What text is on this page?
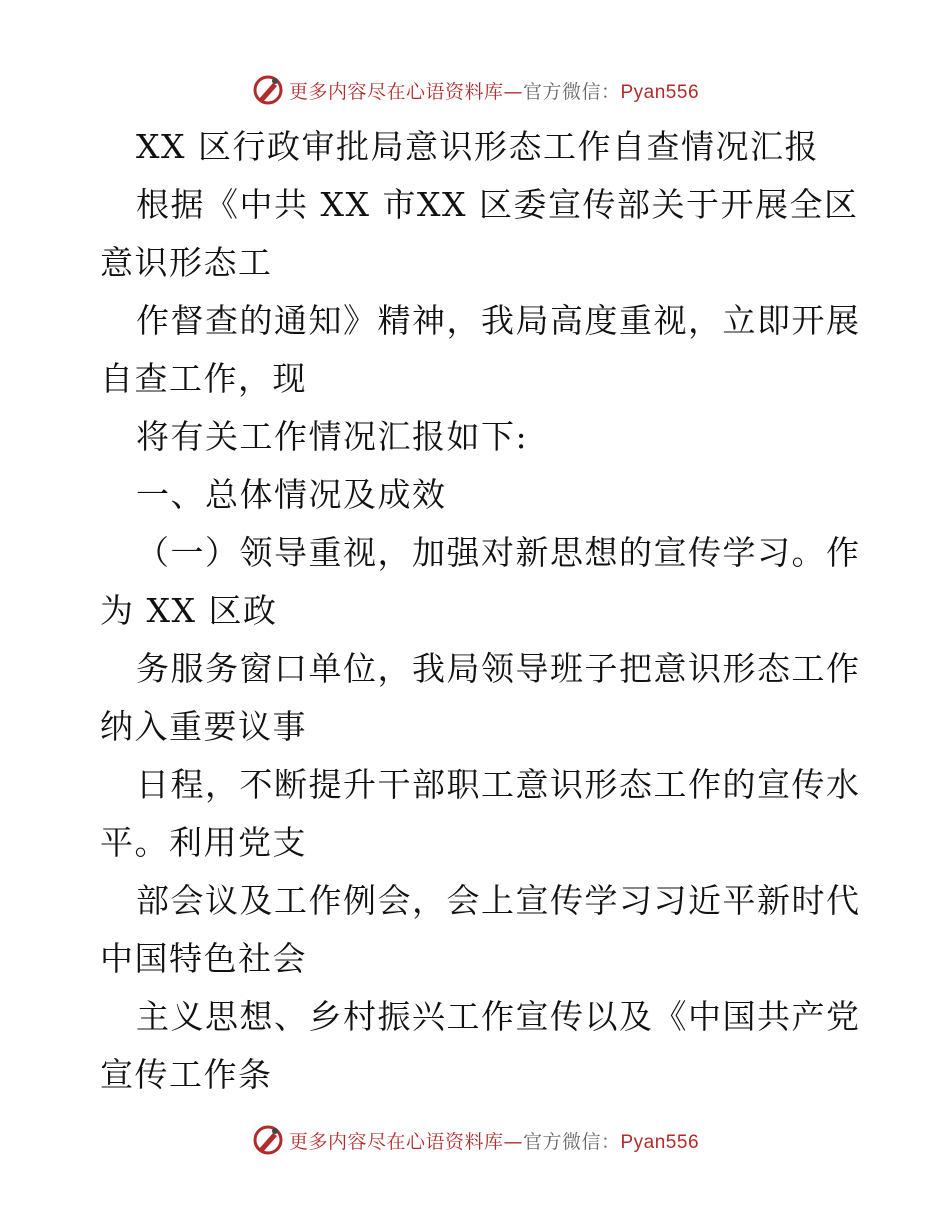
更多内容尽在心语资料库—官方微信：Pyan556
XX 区行政审批局意识形态工作自查情况汇报
根据《中共 XX 市XX 区委宣传部关于开展全区
意识形态工
作督查的通知》精神，我局高度重视，立即开展
自查工作，现
将有关工作情况汇报如下:
一、总体情况及成效
（一）领导重视，加强对新思想的宣传学习。作
为 XX 区政
务服务窗口单位，我局领导班子把意识形态工作
纳入重要议事
日程，不断提升干部职工意识形态工作的宣传水
平。利用党支
部会议及工作例会，会上宣传学习习近平新时代
中国特色社会
主义思想、乡村振兴工作宣传以及《中国共产党
宣传工作条
更多内容尽在心语资料库—官方微信：Pyan556
